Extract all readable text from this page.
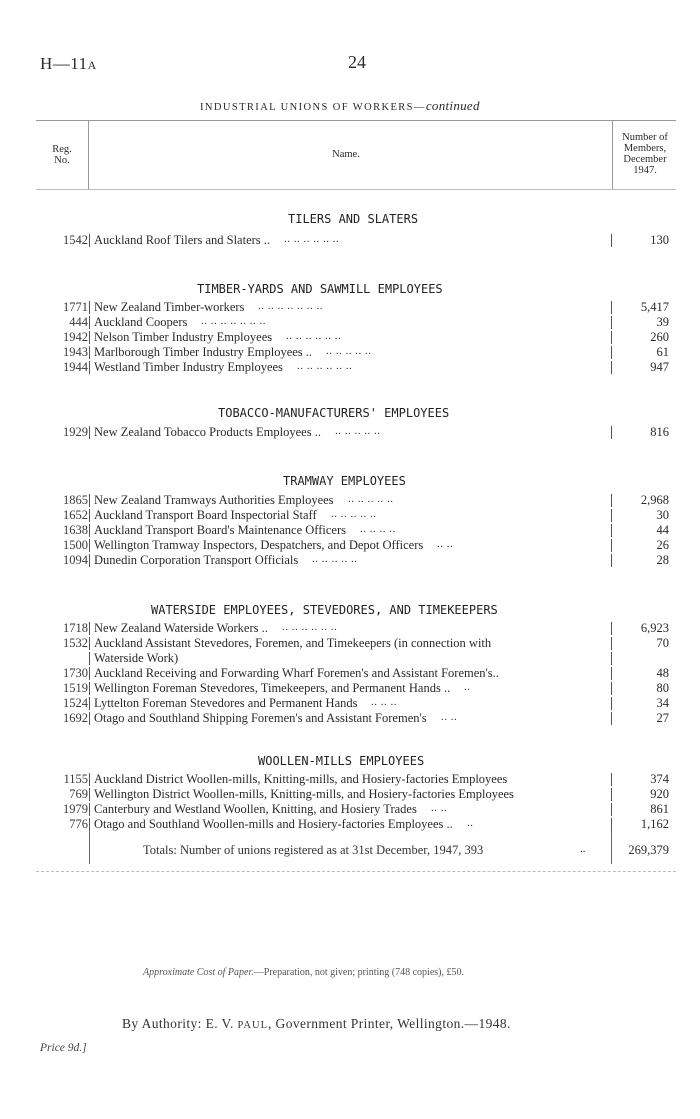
H—11A	24
INDUSTRIAL UNIONS OF WORKERS—continued
Reg.
No.
Name.
Number of
Members,
December
1947.
TILERS AND SLATERS
1542 Auckland Roof Tilers and Slaters .. .. .. .. .. .. ..	130
TIMBER-YARDS AND SAWMILL EMPLOYEES
1771 New Zealand Timber-workers .. .. .. .. .. .. ..	5,417
444 Auckland Coopers .. .. .. .. .. .. ..	39
1942 Nelson Timber Industry Employees .. .. .. .. .. ..	260
1943 Marlborough Timber Industry Employees .. .. .. .. .. ..	61
1944 Westland Timber Industry Employees .. .. .. .. .. ..	947
TOBACCO-MANUFACTURERS' EMPLOYEES
1929 New Zealand Tobacco Products Employees .. .. .. .. .. ..	816
TRAMWAY EMPLOYEES
1865 New Zealand Tramways Authorities Employees .. .. .. .. ..	2,968
1652 Auckland Transport Board Inspectorial Staff .. .. .. .. ..	30
1638 Auckland Transport Board's Maintenance Officers .. .. .. ..	44
1500 Wellington Tramway Inspectors, Despatchers, and Depot Officers .. ..	26
1094 Dunedin Corporation Transport Officials .. .. .. .. ..	28
WATERSIDE EMPLOYEES, STEVEDORES, AND TIMEKEEPERS
1718 New Zealand Waterside Workers .. .. .. .. .. .. ..	6,923
1532 Auckland Assistant Stevedores, Foremen, and Timekeepers (in connection with	70
Waterside Work)
1730 Auckland Receiving and Forwarding Wharf Foremen's and Assistant Foremen's..	48
1519 Wellington Foreman Stevedores, Timekeepers, and Permanent Hands .. ..	80
1524 Lyttelton Foreman Stevedores and Permanent Hands .. .. ..	34
1692 Otago and Southland Shipping Foremen's and Assistant Foremen's .. ..	27
WOOLLEN-MILLS EMPLOYEES
1155 Auckland District Woollen-mills, Knitting-mills, and Hosiery-factories Employees	374
769 Wellington District Woollen-mills, Knitting-mills, and Hosiery-factories Employees	920
1979 Canterbury and Westland Woollen, Knitting, and Hosiery Trades .. ..	861
776 Otago and Southland Woollen-mills and Hosiery-factories Employees .. ..	1,162
Totals: Number of unions registered as at 31st December, 1947, 393	..	269,379
Approximate Cost of Paper.—Preparation, not given; printing (748 copies), £50.
By Authority: E. V. PAUL, Government Printer, Wellington.—1948.
Price 9d.]
